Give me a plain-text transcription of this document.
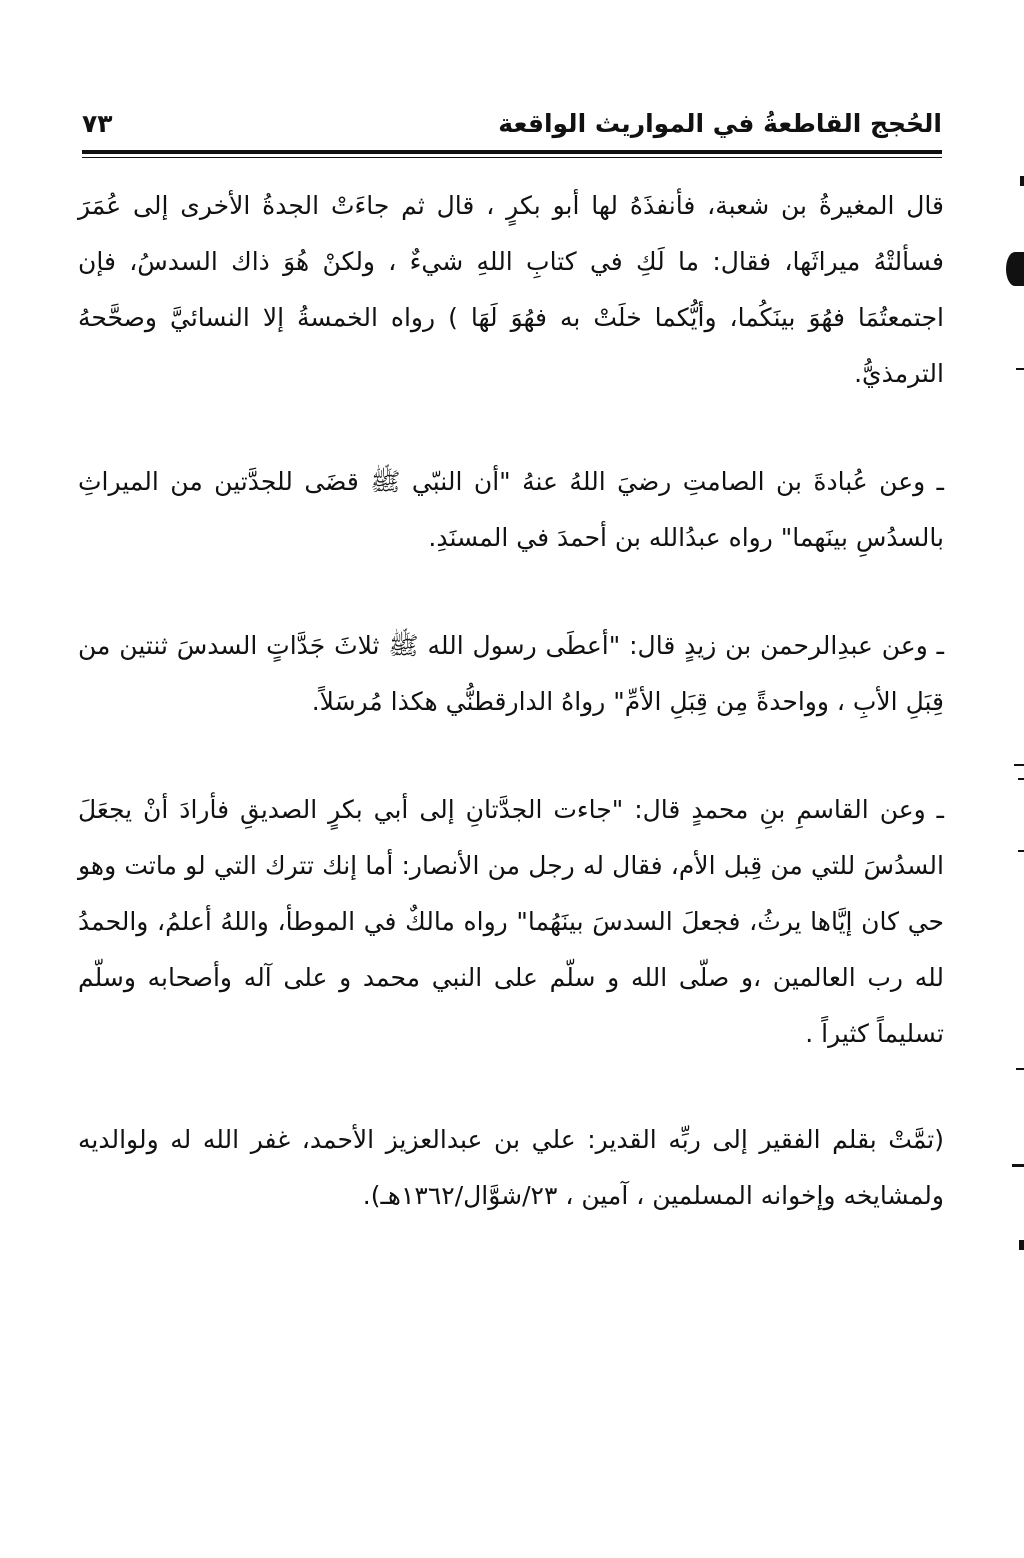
الحُجج القاطعةُ في المواريث الواقعة
٧٣

قال المغيرةُ بن شعبة، فأنفذَهُ لها أبو بكرٍ ، قال ثم جاءَتْ الجدةُ الأخرى إلى عُمَرَ فسألتْهُ ميراثَها، فقال: ما لَكِ في كتابِ اللهِ شيءٌ ، ولكنْ هُوَ ذاك السدسُ، فإن اجتمعتُمَا فهُوَ بينَكُما، وأيُّكما خلَتْ به فهُوَ لَهَا ) رواه الخمسةُ إلا النسائيَّ وصحَّحهُ الترمذيُّ.

ـ وعن عُبادةَ بن الصامتِ رضيَ اللهُ عنهُ "أن النبّي ﷺ قضَى للجدَّتين من الميراثِ بالسدُسِ بينَهما" رواه عبدُالله بن أحمدَ في المسنَدِ.

ـ وعن عبدِالرحمن بن زيدٍ قال: "أعطَى رسول الله ﷺ ثلاثَ جَدَّاتٍ السدسَ ثنتين من قِبَلِ الأبِ ، وواحدةً مِن قِبَلِ الأمِّ" رواهُ الدارقطنُّي هكذا مُرسَلاً.

ـ وعن القاسمِ بنِ محمدٍ قال: "جاءت الجدَّتانِ إلى أبي بكرٍ الصديقِ فأرادَ أنْ يجعَلَ السدُسَ للتي من قِبل الأم، فقال له رجل من الأنصار: أما إنك تترك التي لو ماتت وهو حي كان إيَّاها يرثُ، فجعلَ السدسَ بينَهُما" رواه مالكٌ في الموطأ، واللهُ أعلمُ، والحمدُ لله رب العالمين ،و صلّى الله و سلّم على النبي محمد و على آله وأصحابه وسلّم تسليماً كثيراً .

(تمَّتْ بقلم الفقير إلى ربِّه القدير: علي بن عبدالعزيز الأحمد، غفر الله له ولوالديه ولمشايخه وإخوانه المسلمين ، آمين ، ٢٣/شوَّال/١٣٦٢هـ).
